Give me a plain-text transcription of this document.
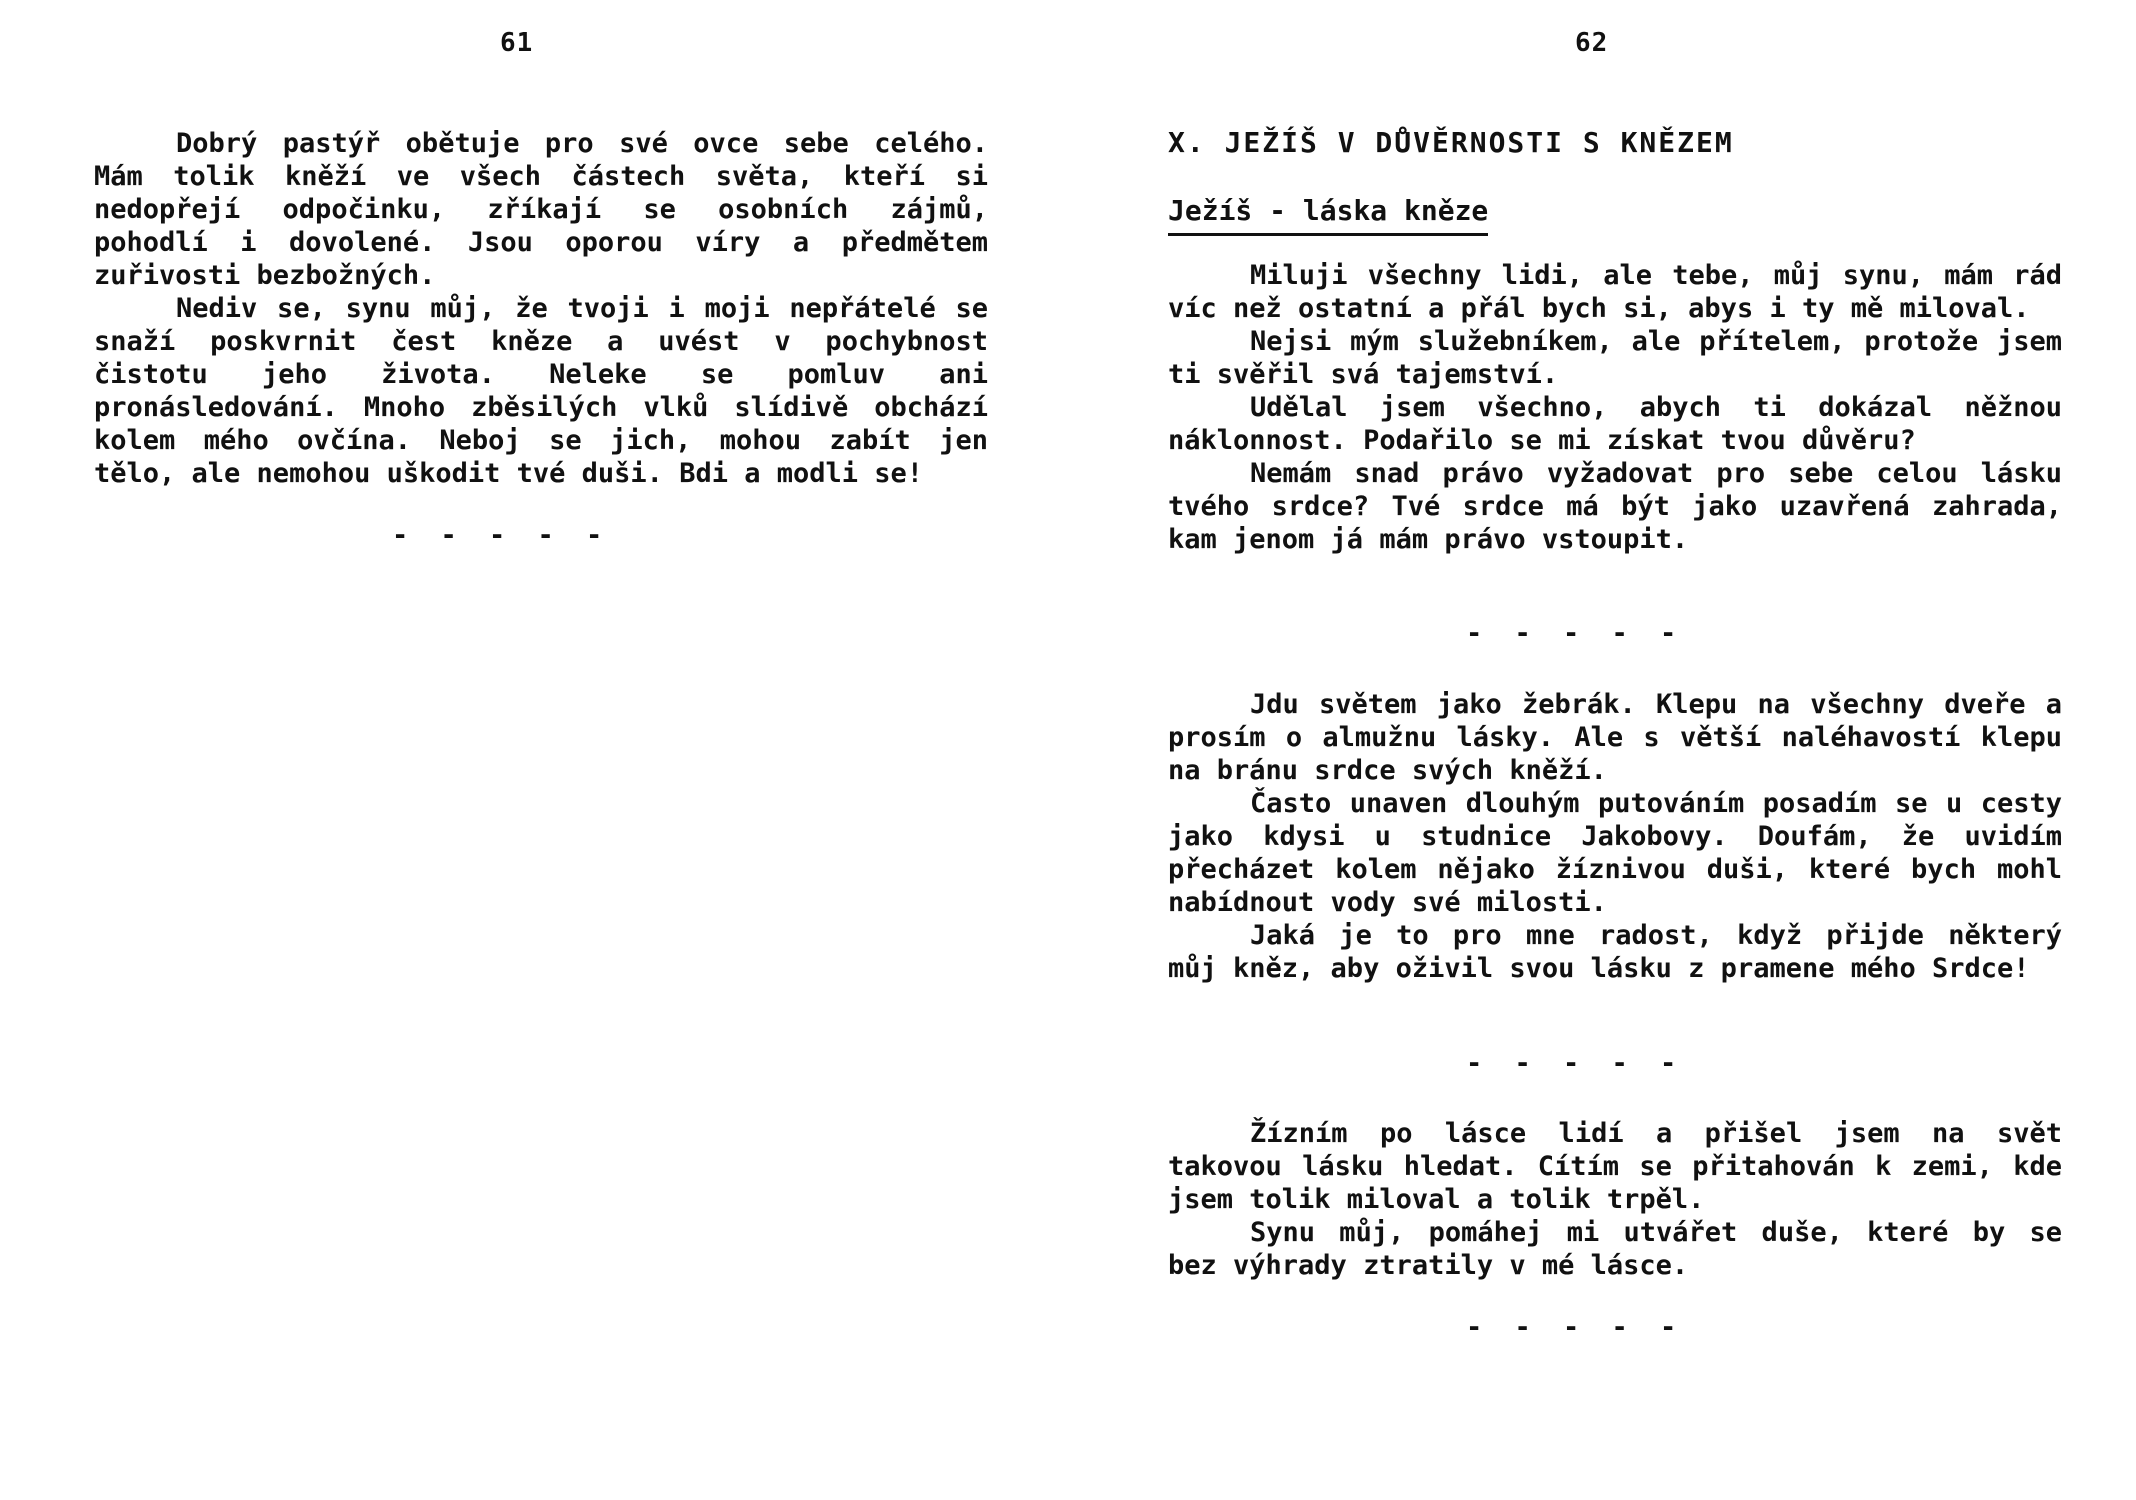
61

Dobrý pastýř obětuje pro své ovce sebe celého. Mám tolik kněží ve všech částech světa, kteří si nedopřejí odpočinku, zříkají se osobních zájmů, pohodlí i dovolené. Jsou oporou víry a předmětem zuřivosti bezbožných.

Nediv se, synu můj, že tvoji i moji nepřátelé se snaží poskvrnit čest kněze a uvést v pochybnost čistotu jeho života. Neleke se pomluv ani pronásledování. Mnoho zběsilých vlků slídivě obchází kolem mého ovčína. Neboj se jich, mohou zabít jen tělo, ale nemohou uškodit tvé duši. Bdi a modli se!

- - - - -
62
X. JEŽÍŠ V DŮVĚRNOSTI S KNĚZEM
Ježíš - láska kněze

Miluji všechny lidi, ale tebe, můj synu, mám rád víc než ostatní a přál bych si, abys i ty mě miloval.

Nejsi mým služebníkem, ale přítelem, protože jsem ti svěřil svá tajemství.

Udělal jsem všechno, abych ti dokázal něžnou náklonnost. Podařilo se mi získat tvou důvěru?

Nemám snad právo vyžadovat pro sebe celou lásku tvého srdce? Tvé srdce má být jako uzavřená zahrada, kam jenom já mám právo vstoupit.

- - - - -

Jdu světem jako žebrák. Klepu na všechny dveře a prosím o almužnu lásky. Ale s větší naléhavostí klepu na bránu srdce svých kněží.

Často unaven dlouhým putováním posadím se u cesty jako kdysi u studnice Jakobovy. Doufám, že uvidím přecházet kolem nějako žíznivou duši, které bych mohl nabídnout vody své milosti.

Jaká je to pro mne radost, když přijde některý můj kněz, aby oživil svou lásku z pramene mého Srdce!

- - - - -

Žízním po lásce lidí a přišel jsem na svět takovou lásku hledat. Cítím se přitahován k zemi, kde jsem tolik miloval a tolik trpěl.

Synu můj, pomáhej mi utvářet duše, které by se bez výhrady ztratily v mé lásce.

- - - - -
